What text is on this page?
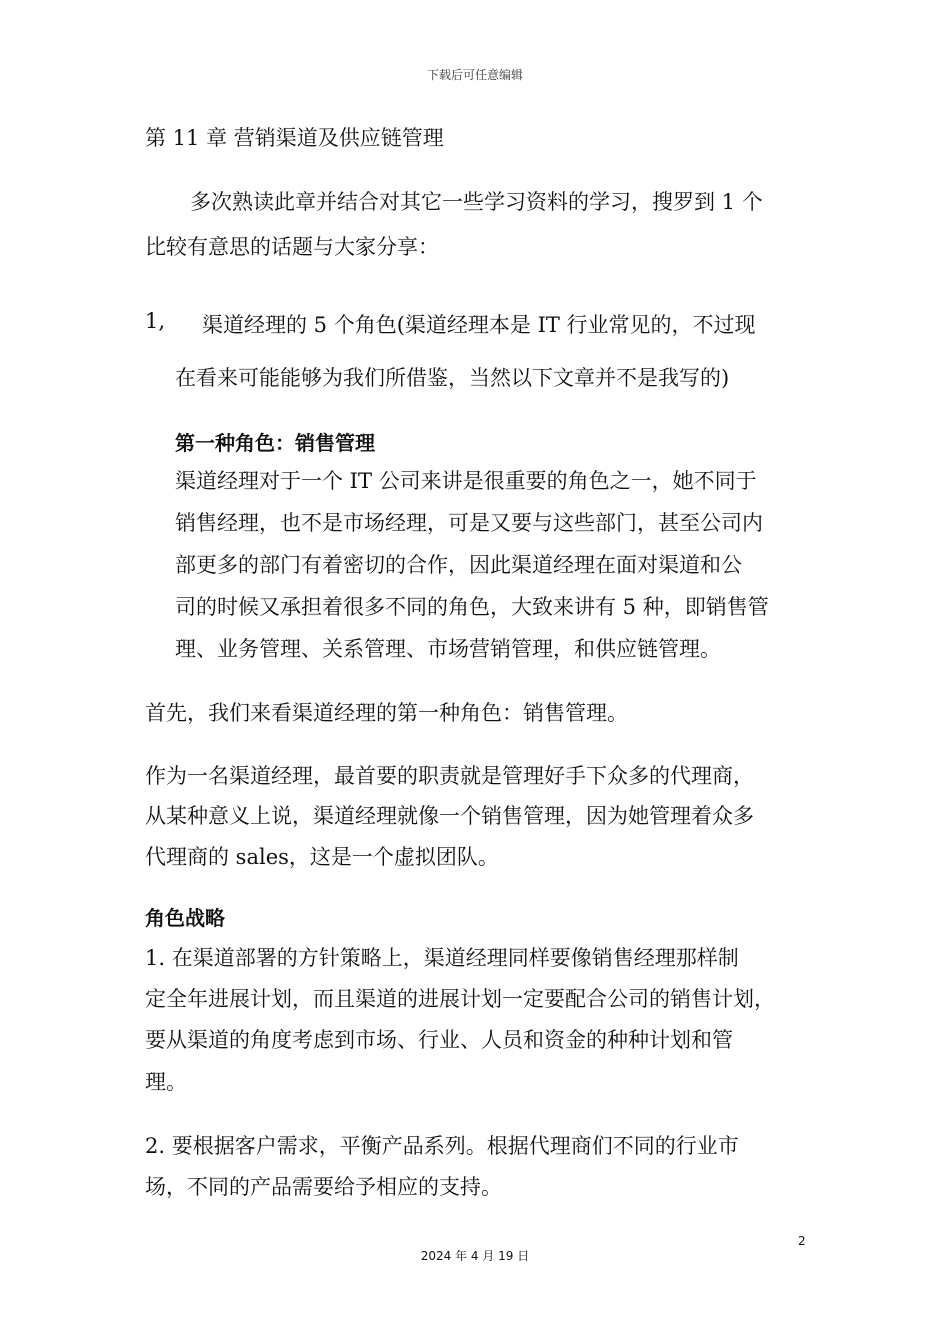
下载后可任意编辑
第 11 章 营销渠道及供应链管理
多次熟读此章并结合对其它一些学习资料的学习，搜罗到 1 个
比较有意思的话题与大家分享：
1, 渠道经理的 5 个角色(渠道经理本是 IT 行业常见的，不过现
在看来可能能够为我们所借鉴，当然以下文章并不是我写的)
第一种角色：销售管理
渠道经理对于一个 IT 公司来讲是很重要的角色之一，她不同于
销售经理，也不是市场经理，可是又要与这些部门，甚至公司内
部更多的部门有着密切的合作，因此渠道经理在面对渠道和公
司的时候又承担着很多不同的角色，大致来讲有 5 种，即销售管
理、业务管理、关系管理、市场营销管理，和供应链管理。
首先，我们来看渠道经理的第一种角色：销售管理。
作为一名渠道经理，最首要的职责就是管理好手下众多的代理商，
从某种意义上说，渠道经理就像一个销售管理，因为她管理着众多
代理商的 sales，这是一个虚拟团队。
角色战略
1. 在渠道部署的方针策略上，渠道经理同样要像销售经理那样制
定全年进展计划，而且渠道的进展计划一定要配合公司的销售计划，
要从渠道的角度考虑到市场、行业、人员和资金的种种计划和管
理。
2. 要根据客户需求，平衡产品系列。根据代理商们不同的行业市
场，不同的产品需要给予相应的支持。
2
2024 年 4 月 19 日
